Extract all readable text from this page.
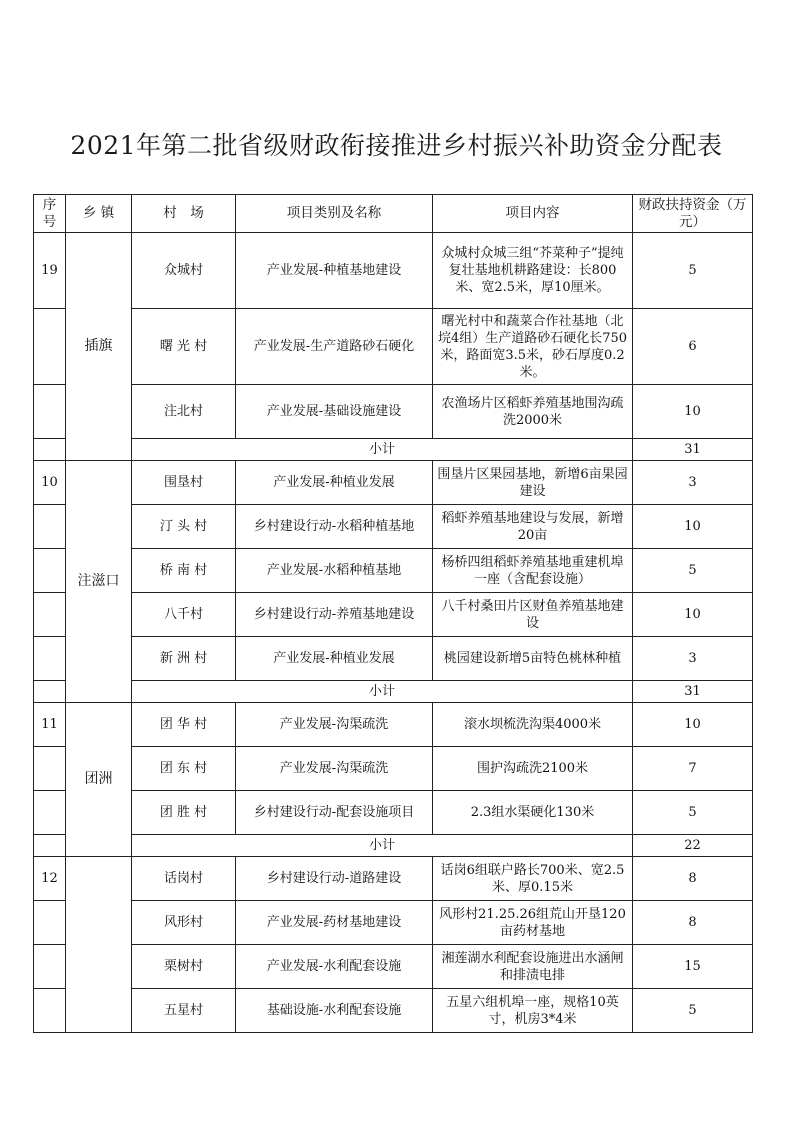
2021年第二批省级财政衔接推进乡村振兴补助资金分配表
序号	乡 镇	村　场	项目类别及名称	项目内容	财政扶持资金（万元）
19	插旗	众城村	产业发展-种植基地建设	众城村众城三组“芥菜种子”提纯复壮基地机耕路建设：长800米、宽2.5米，厚10厘米。	5
		曙 光 村	产业发展-生产道路砂石硬化	曙光村中和蔬菜合作社基地（北垸4组）生产道路砂石硬化长750米，路面宽3.5米，砂石厚度0.2米。	6
		注北村	产业发展-基础设施建设	农渔场片区稻虾养殖基地围沟疏洗2000米	10
		小计			31
10	注滋口	围垦村	产业发展-种植业发展	围垦片区果园基地，新增6亩果园建设	3
		汀 头 村	乡村建设行动-水稻种植基地	稻虾养殖基地建设与发展，新增20亩	10
		桥 南 村	产业发展-水稻种植基地	杨桥四组稻虾养殖基地重建机埠一座（含配套设施）	5
		八千村	乡村建设行动-养殖基地建设	八千村桑田片区财鱼养殖基地建设	10
		新 洲 村	产业发展-种植业发展	桃园建设新增5亩特色桃林种植	3
		小计			31
11	团洲	团 华 村	产业发展-沟渠疏洗	滚水坝梳洗沟渠4000米	10
		团 东 村	产业发展-沟渠疏洗	围护沟疏洗2100米	7
		团 胜 村	乡村建设行动-配套设施项目	2.3组水渠硬化130米	5
		小计			22
12		话岗村	乡村建设行动-道路建设	话岗6组联户路长700米、宽2.5米、厚0.15米	8
		风形村	产业发展-药材基地建设	风形村21.25.26组荒山开垦120亩药材基地	8
		栗树村	产业发展-水利配套设施	湘莲湖水利配套设施进出水涵闸和排渍电排	15
		五星村	基础设施-水利配套设施	五星六组机埠一座，规格10英寸，机房3*4米	5
